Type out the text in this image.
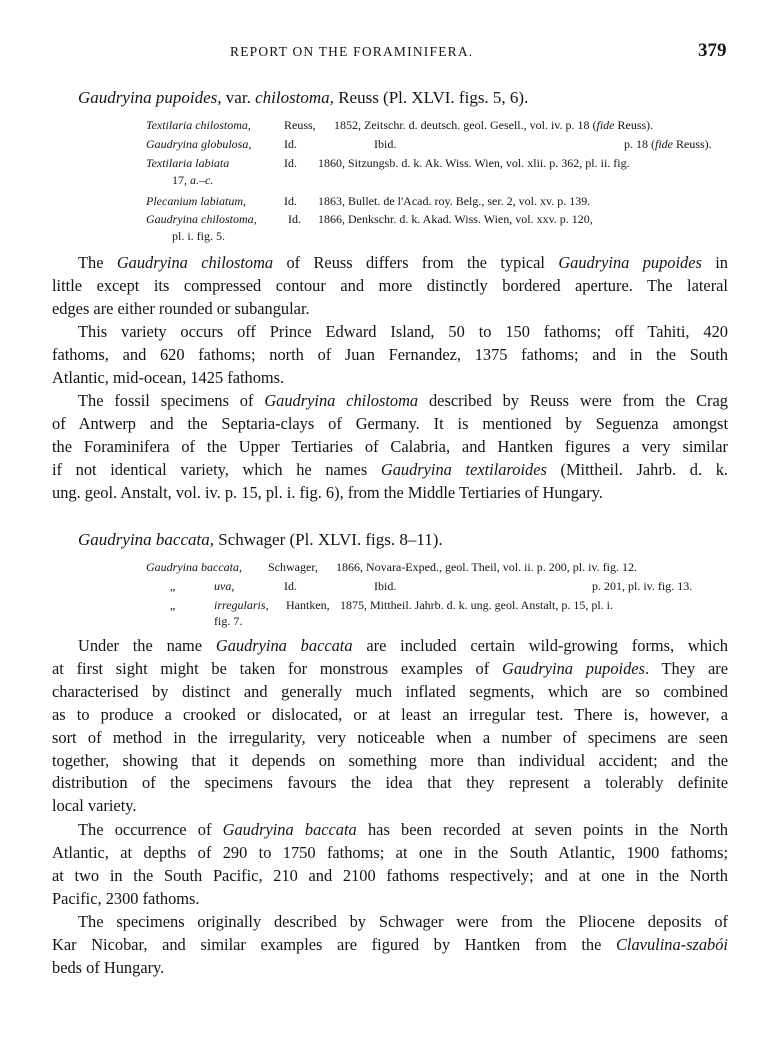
REPORT ON THE FORAMINIFERA.	379
Gaudryina pupoides, var. chilostoma, Reuss (Pl. XLVI. figs. 5, 6).
Textilaria chilostoma,	Reuss, 1852, Zeitschr. d. deutsch. geol. Gesell., vol. iv. p. 18 (fide Reuss).
Gaudryina globulosa,	Id.	Ibid.	p. 18 (fide Reuss).
Textilaria labiata	Id. 1860, Sitzungsb. d. k. Ak. Wiss. Wien, vol. xlii. p. 362, pl. ii. fig.
17, a.–c.
Plecanium labiatum,	Id. 1863, Bullet. de l'Acad. roy. Belg., ser. 2, vol. xv. p. 139.
Gaudryina chilostoma,	Id. 1866, Denkschr. d. k. Akad. Wiss. Wien, vol. xxv. p. 120,
pl. i. fig. 5.
The Gaudryina chilostoma of Reuss differs from the typical Gaudryina pupoides in
little except its compressed contour and more distinctly bordered aperture. The lateral
edges are either rounded or subangular.
This variety occurs off Prince Edward Island, 50 to 150 fathoms; off Tahiti, 420
fathoms, and 620 fathoms; north of Juan Fernandez, 1375 fathoms; and in the South
Atlantic, mid-ocean, 1425 fathoms.
The fossil specimens of Gaudryina chilostoma described by Reuss were from the Crag
of Antwerp and the Septaria-clays of Germany. It is mentioned by Seguenza amongst
the Foraminifera of the Upper Tertiaries of Calabria, and Hantken figures a very similar
if not identical variety, which he names Gaudryina textilaroides (Mittheil. Jahrb. d. k.
ung. geol. Anstalt, vol. iv. p. 15, pl. i. fig. 6), from the Middle Tertiaries of Hungary.
Gaudryina baccata, Schwager (Pl. XLVI. figs. 8–11).
Gaudryina baccata, Schwager, 1866, Novara-Exped., geol. Theil, vol. ii. p. 200, pl. iv. fig. 12.
„	uva,	Id.	Ibid.	p. 201, pl. iv. fig. 13.
„	irregularis, Hantken, 1875, Mittheil. Jahrb. d. k. ung. geol. Anstalt, p. 15, pl. i.
fig. 7.
Under the name Gaudryina baccata are included certain wild-growing forms, which
at first sight might be taken for monstrous examples of Gaudryina pupoides. They are
characterised by distinct and generally much inflated segments, which are so combined
as to produce a crooked or dislocated, or at least an irregular test. There is, however, a
sort of method in the irregularity, very noticeable when a number of specimens are seen
together, showing that it depends on something more than individual accident; and the
distribution of the specimens favours the idea that they represent a tolerably definite
local variety.
The occurrence of Gaudryina baccata has been recorded at seven points in the North
Atlantic, at depths of 290 to 1750 fathoms; at one in the South Atlantic, 1900 fathoms;
at two in the South Pacific, 210 and 2100 fathoms respectively; and at one in the North
Pacific, 2300 fathoms.
The specimens originally described by Schwager were from the Pliocene deposits of
Kar Nicobar, and similar examples are figured by Hantken from the Clavulina-szabói
beds of Hungary.
